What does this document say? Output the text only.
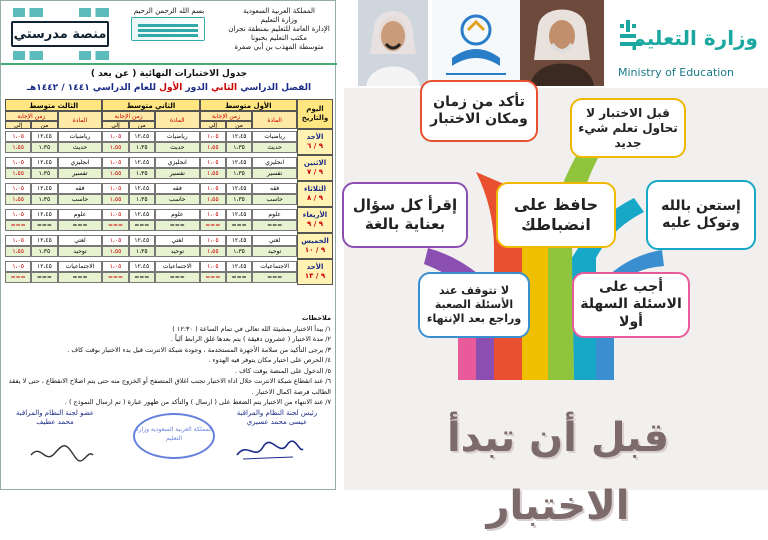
المملكة العربية السعودية
وزارة التعليم
الإدارة العامة للتعليم بمنطقة نجران
مكتب التعليم بحبونا
متوسطة المهذب بن أبي صفرة
بسم الله الرحمن الرحيم
منصة مدرستي
جدول الاختبارات النهائية ( عن بعد )
الفصل الدراسي الثاني الدور الأول للعام الدراسي ١٤٤١ / ١٤٤٢هـ
اليوم والتاريخ
الأول متوسط
المادة
زمن الإجابة
من
إلى
الثاني متوسط
المادة
زمن الإجابة
من
إلى
الثالث متوسط
المادة
زمن الإجابة
من
إلى
الأحد
٩ / ٦
رياضيات
١٢،٤٥
١،٠٥
رياضيات
١٢،٤٥
١،٠٥
رياضيات
١٢،٤٥
١،٠٥
حديث
١،٣٥
١،٥٥
حديث
١،٣٥
١،٥٥
حديث
١،٣٥
١،٥٥
الاثنين
٩ / ٧
انجليزي
١٢،٤٥
١،٠٥
انجليزي
١٢،٤٥
١،٠٥
انجليزي
١٢،٤٥
١،٠٥
تفسير
١،٣٥
١،٥٥
تفسير
١،٣٥
١،٥٥
تفسير
١،٣٥
١،٥٥
الثلاثاء
٩ / ٨
فقه
١٢،٤٥
١،٠٥
فقه
١٢،٤٥
١،٠٥
فقه
١٢،٤٥
١،٠٥
حاسب
١،٣٥
١،٥٥
حاسب
١،٣٥
١،٥٥
حاسب
١،٣٥
١،٥٥
الأربعاء
٩ / ٩
علوم
١٢،٤٥
١،٠٥
علوم
١٢،٤٥
١،٠٥
علوم
١٢،٤٥
١،٠٥
===
===
===
===
===
===
===
===
===
الخميس
٩ / ١٠
لغتي
١٢،٤٥
١،٠٥
لغتي
١٢،٤٥
١،٠٥
لغتي
١٢،٤٥
١،٠٥
توحيد
١،٣٥
١،٥٥
توحيد
١،٣٥
١،٥٥
توحيد
١،٣٥
١،٥٥
الأحد
٩ / ١٣
الاجتماعيات
١٢،٤٥
١،٠٥
الاجتماعيات
١٢،٤٥
١،٠٥
الاجتماعيات
١٢،٤٥
١،٠٥
===
===
===
===
===
===
===
===
===
ملاحظات
١/ يبدأ الاختبار بمشيئة الله تعالى في تمام الساعة ( ١٢:٣٠ )
٢/ مدة الاختبار ( عشرون دقيقة ) يتم بعدها غلق الرابط آلياً .
٣/ يرجى التأكيد من سلامة الأجهزة المستخدمة ، وجودة شبكة الانترنت قبل بدء الاختبار بوقت كاف .
٤/ الحرص على اختيار مكان يتوفر فيه الهدوء .
٥/ الدخول على المنصة بوقت كاف .
٦/ عند انقطاع شبكة الانترنت خلال اداء الاختبار تجنب اغلاق المتصفح أو الخروج منه حتى يتم اصلاح الانقطاع ، حتى لا يفقد الطالب فرصة اكمال الاختبار .
٧/ عند الانتهاء من الاختبار يتم الضغط على ( ارسال ) والتأكد من ظهور عبارة ( تم ارسال النموذج ) .
رئيس لجنة النظام والمراقبة
عيسى محمد عسيري
عضو لجنة النظام والمراقبة
محمد عطيف
المملكة العربية السعودية وزارة التعليم
وزارة التعليم
Ministry of Education
قبل الاختبار لا تحاول تعلم شيء جديد
تأكد من زمان ومكان الاختبار
إستعن بالله وتوكل عليه
حافظ على انضباطك
إقرأ كل سؤال بعناية بالغة
لا تتوقف عند الأسئلة الصعبة وراجع بعد الإنتهاء
أجب على الاسئلة السهلة أولا
قبل أن تبدأ الاختبار
